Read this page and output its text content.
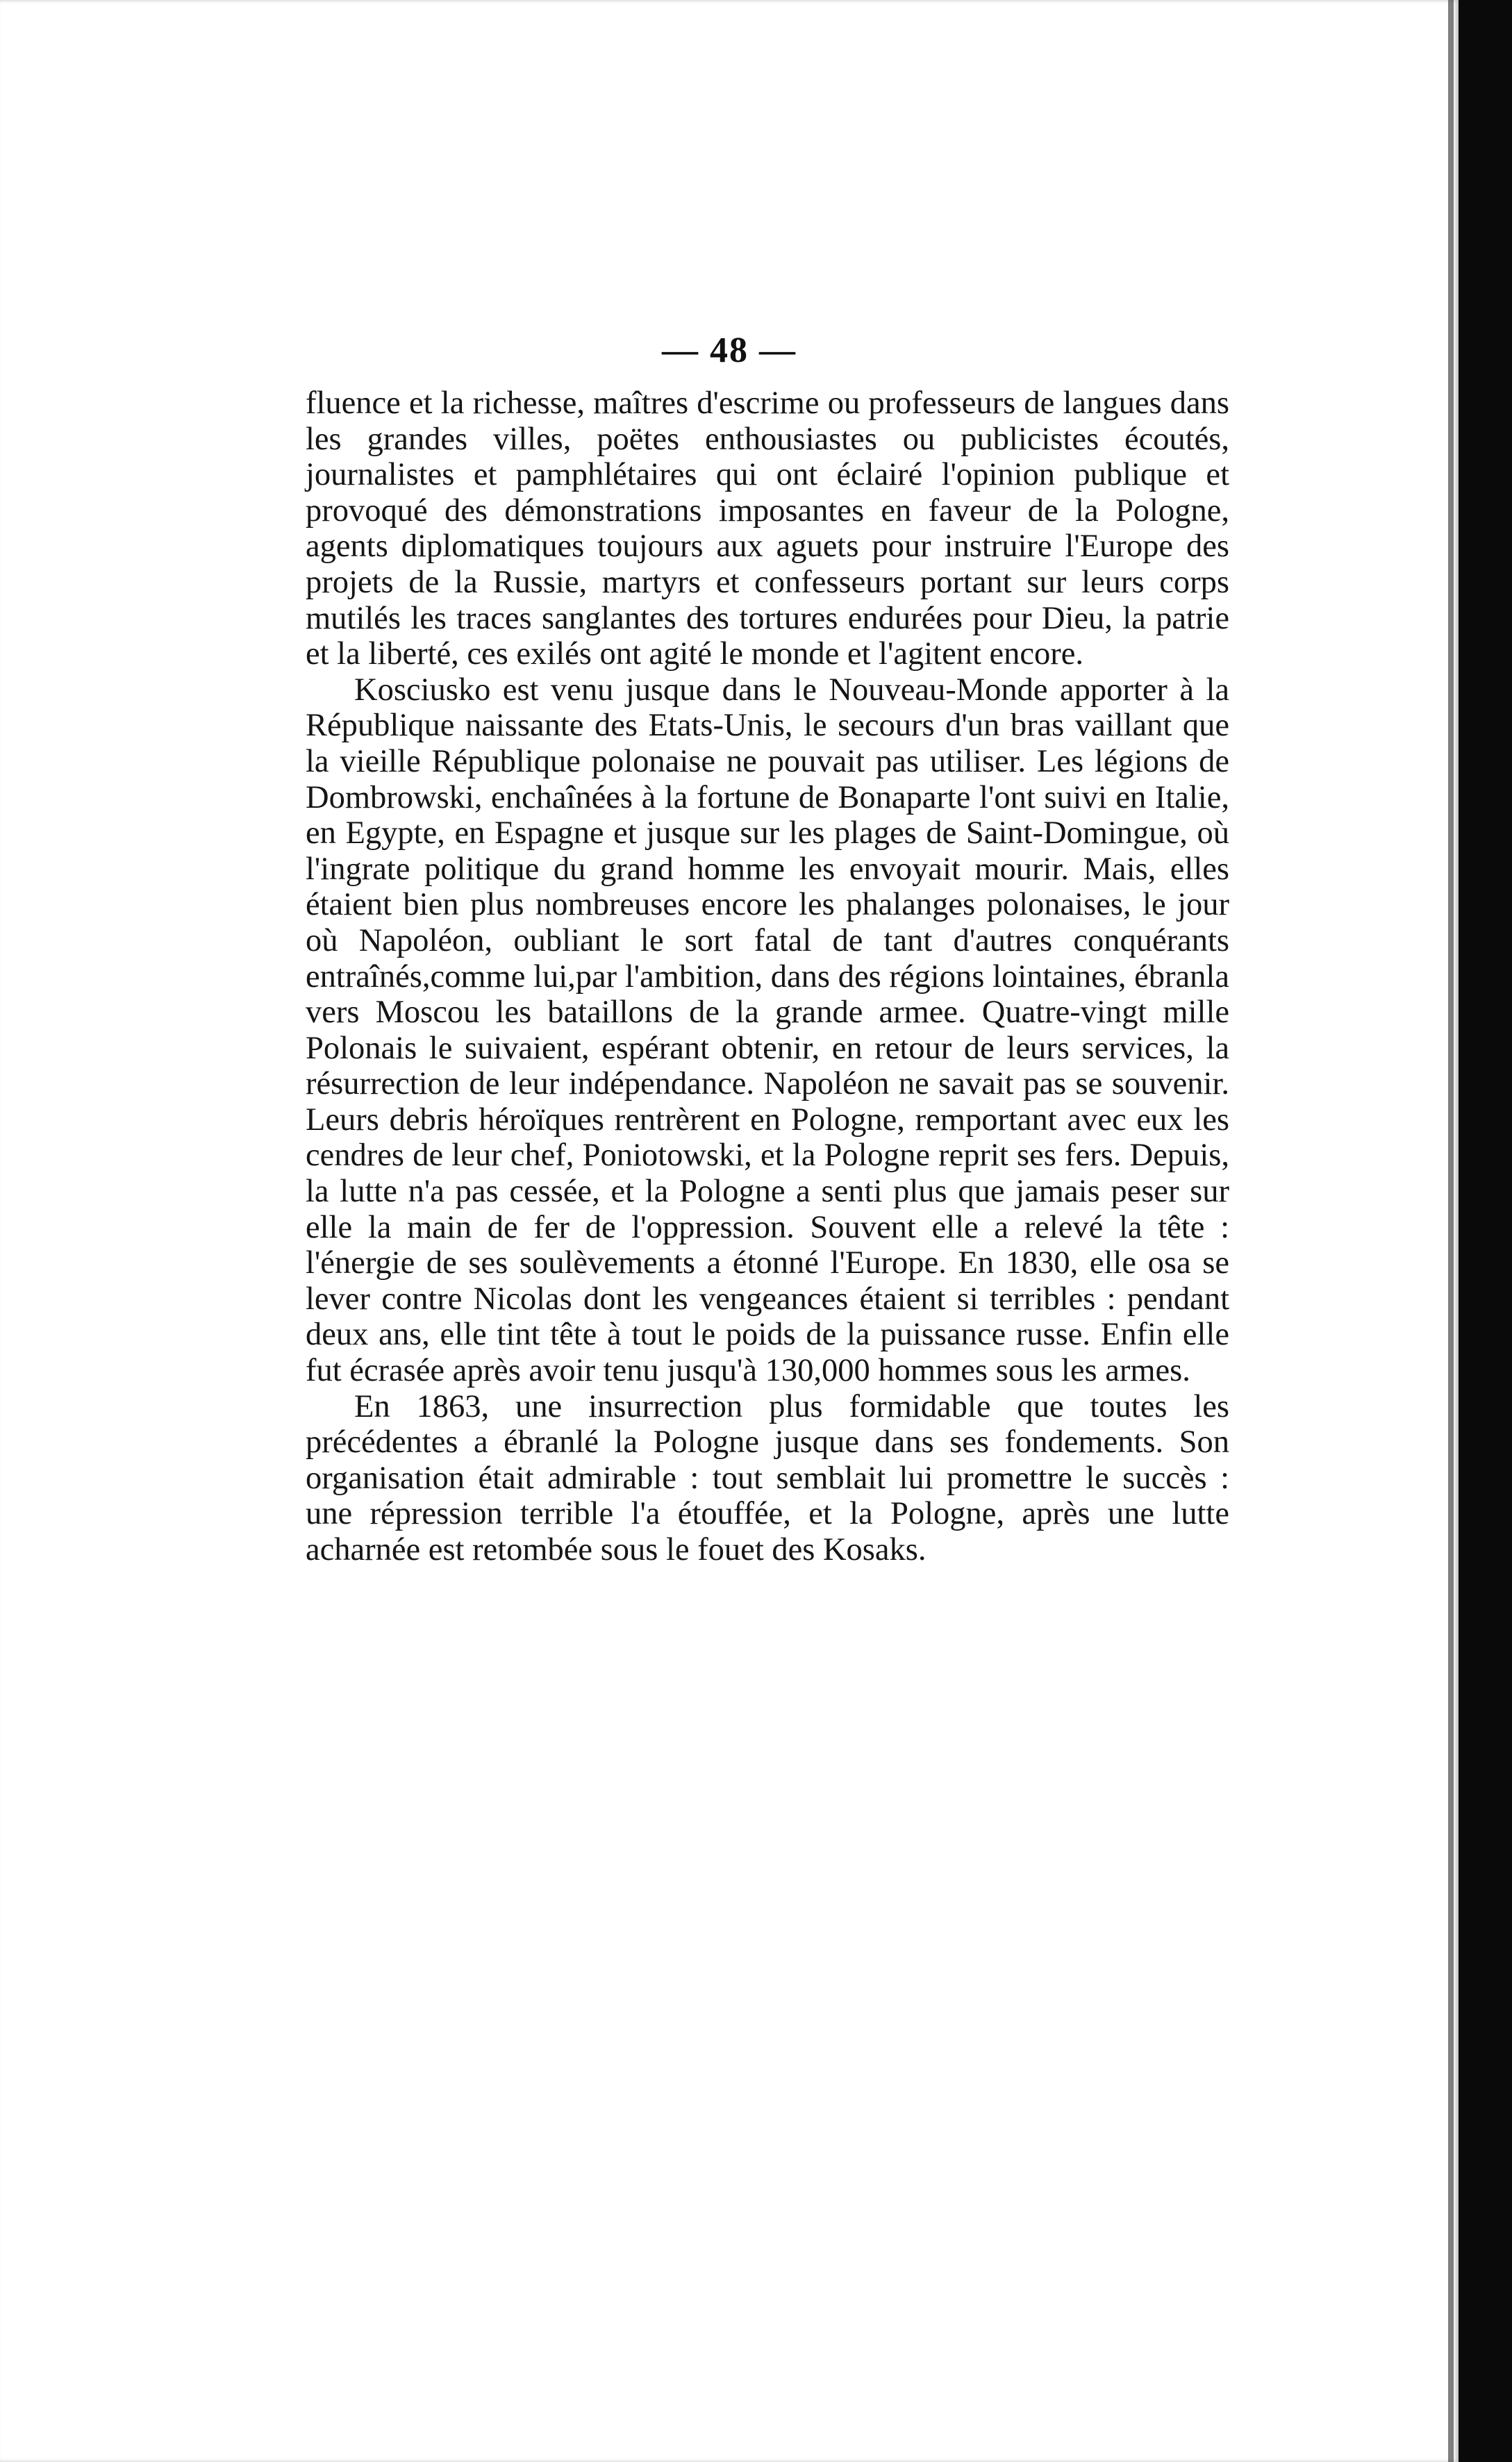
— 48 —

fluence et la richesse, maîtres d'escrime ou professeurs de langues dans les grandes villes, poëtes enthousiastes ou publicistes écoutés, journalistes et pamphlétaires qui ont éclairé l'opinion publique et provoqué des démonstrations imposantes en faveur de la Pologne, agents diplomatiques toujours aux aguets pour instruire l'Europe des projets de la Russie, martyrs et confesseurs portant sur leurs corps mutilés les traces sanglantes des tortures endurées pour Dieu, la patrie et la liberté, ces exilés ont agité le monde et l'agitent encore.

Kosciusko est venu jusque dans le Nouveau-Monde apporter à la République naissante des Etats-Unis, le secours d'un bras vaillant que la vieille République polonaise ne pouvait pas utiliser. Les légions de Dombrowski, enchaînées à la fortune de Bonaparte l'ont suivi en Italie, en Egypte, en Espagne et jusque sur les plages de Saint-Domingue, où l'ingrate politique du grand homme les envoyait mourir. Mais, elles étaient bien plus nombreuses encore les phalanges polonaises, le jour où Napoléon, oubliant le sort fatal de tant d'autres conquérants entraînés,comme lui,par l'ambition, dans des régions lointaines, ébranla vers Moscou les bataillons de la grande armee. Quatre-vingt mille Polonais le suivaient, espérant obtenir, en retour de leurs services, la résurrection de leur indépendance. Napoléon ne savait pas se souvenir. Leurs debris héroïques rentrèrent en Pologne, remportant avec eux les cendres de leur chef, Poniotowski, et la Pologne reprit ses fers. Depuis, la lutte n'a pas cessée, et la Pologne a senti plus que jamais peser sur elle la main de fer de l'oppression. Souvent elle a relevé la tête : l'énergie de ses soulèvements a étonné l'Europe. En 1830, elle osa se lever contre Nicolas dont les vengeances étaient si terribles : pendant deux ans, elle tint tête à tout le poids de la puissance russe. Enfin elle fut écrasée après avoir tenu jusqu'à 130,000 hommes sous les armes.

En 1863, une insurrection plus formidable que toutes les précédentes a ébranlé la Pologne jusque dans ses fondements. Son organisation était admirable : tout semblait lui promettre le succès : une répression terrible l'a étouffée, et la Pologne, après une lutte acharnée est retombée sous le fouet des Kosaks.
